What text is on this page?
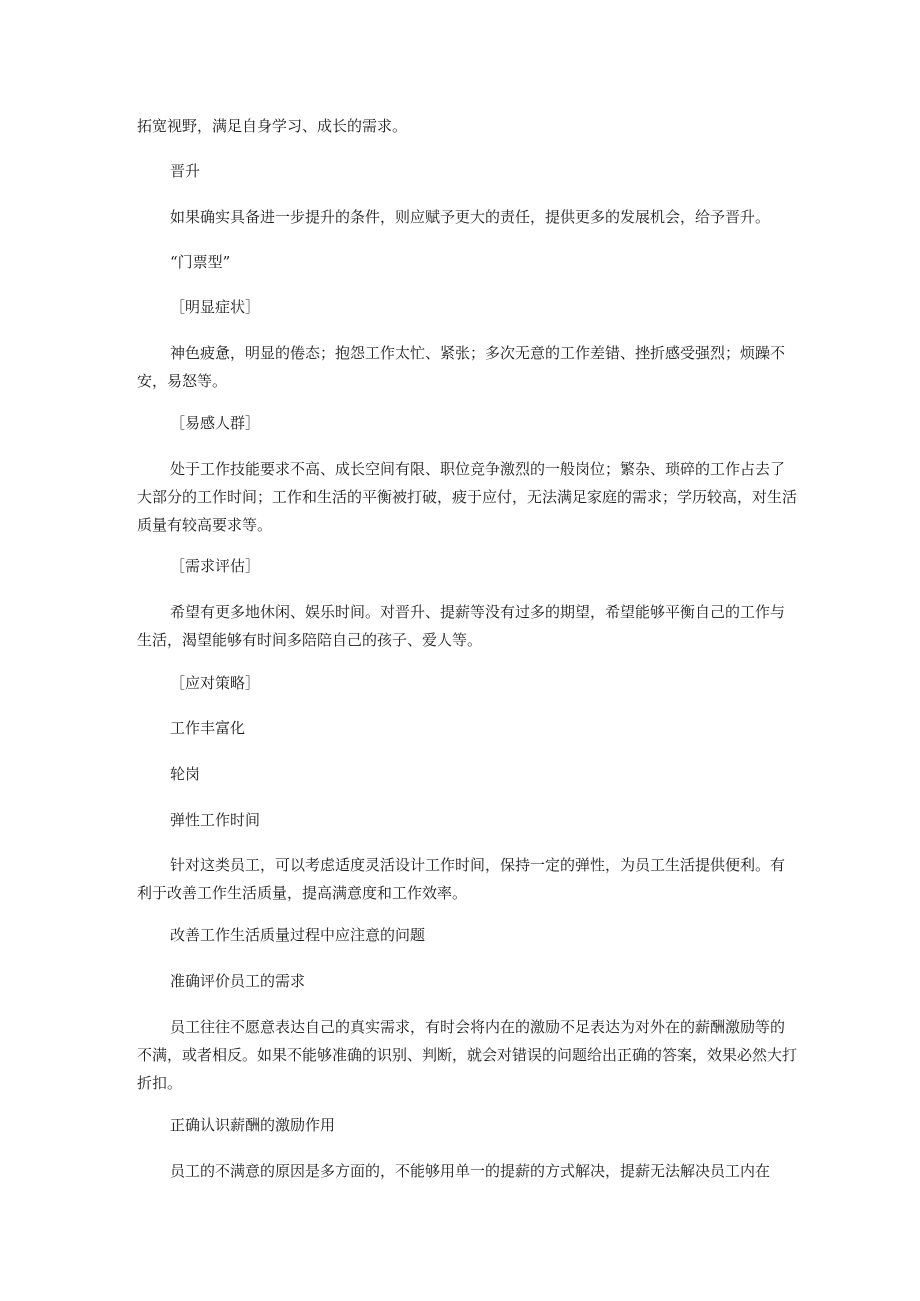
拓宽视野，满足自身学习、成长的需求。

晋升

如果确实具备进一步提升的条件，则应赋予更大的责任，提供更多的发展机会，给予晋升。

“门票型”

［明显症状］

神色疲惫，明显的倦态；抱怨工作太忙、紧张；多次无意的工作差错、挫折感受强烈；烦躁不安，易怒等。

［易感人群］

处于工作技能要求不高、成长空间有限、职位竞争激烈的一般岗位；繁杂、琐碎的工作占去了大部分的工作时间；工作和生活的平衡被打破，疲于应付，无法满足家庭的需求；学历较高，对生活质量有较高要求等。

［需求评估］

希望有更多地休闲、娱乐时间。对晋升、提薪等没有过多的期望，希望能够平衡自己的工作与生活，渴望能够有时间多陪陪自己的孩子、爱人等。

［应对策略］

工作丰富化

轮岗

弹性工作时间

针对这类员工，可以考虑适度灵活设计工作时间，保持一定的弹性，为员工生活提供便利。有利于改善工作生活质量，提高满意度和工作效率。

改善工作生活质量过程中应注意的问题

准确评价员工的需求

员工往往不愿意表达自己的真实需求，有时会将内在的激励不足表达为对外在的薪酬激励等的不满，或者相反。如果不能够准确的识别、判断，就会对错误的问题给出正确的答案，效果必然大打折扣。

正确认识薪酬的激励作用

员工的不满意的原因是多方面的，不能够用单一的提薪的方式解决，提薪无法解决员工内在
